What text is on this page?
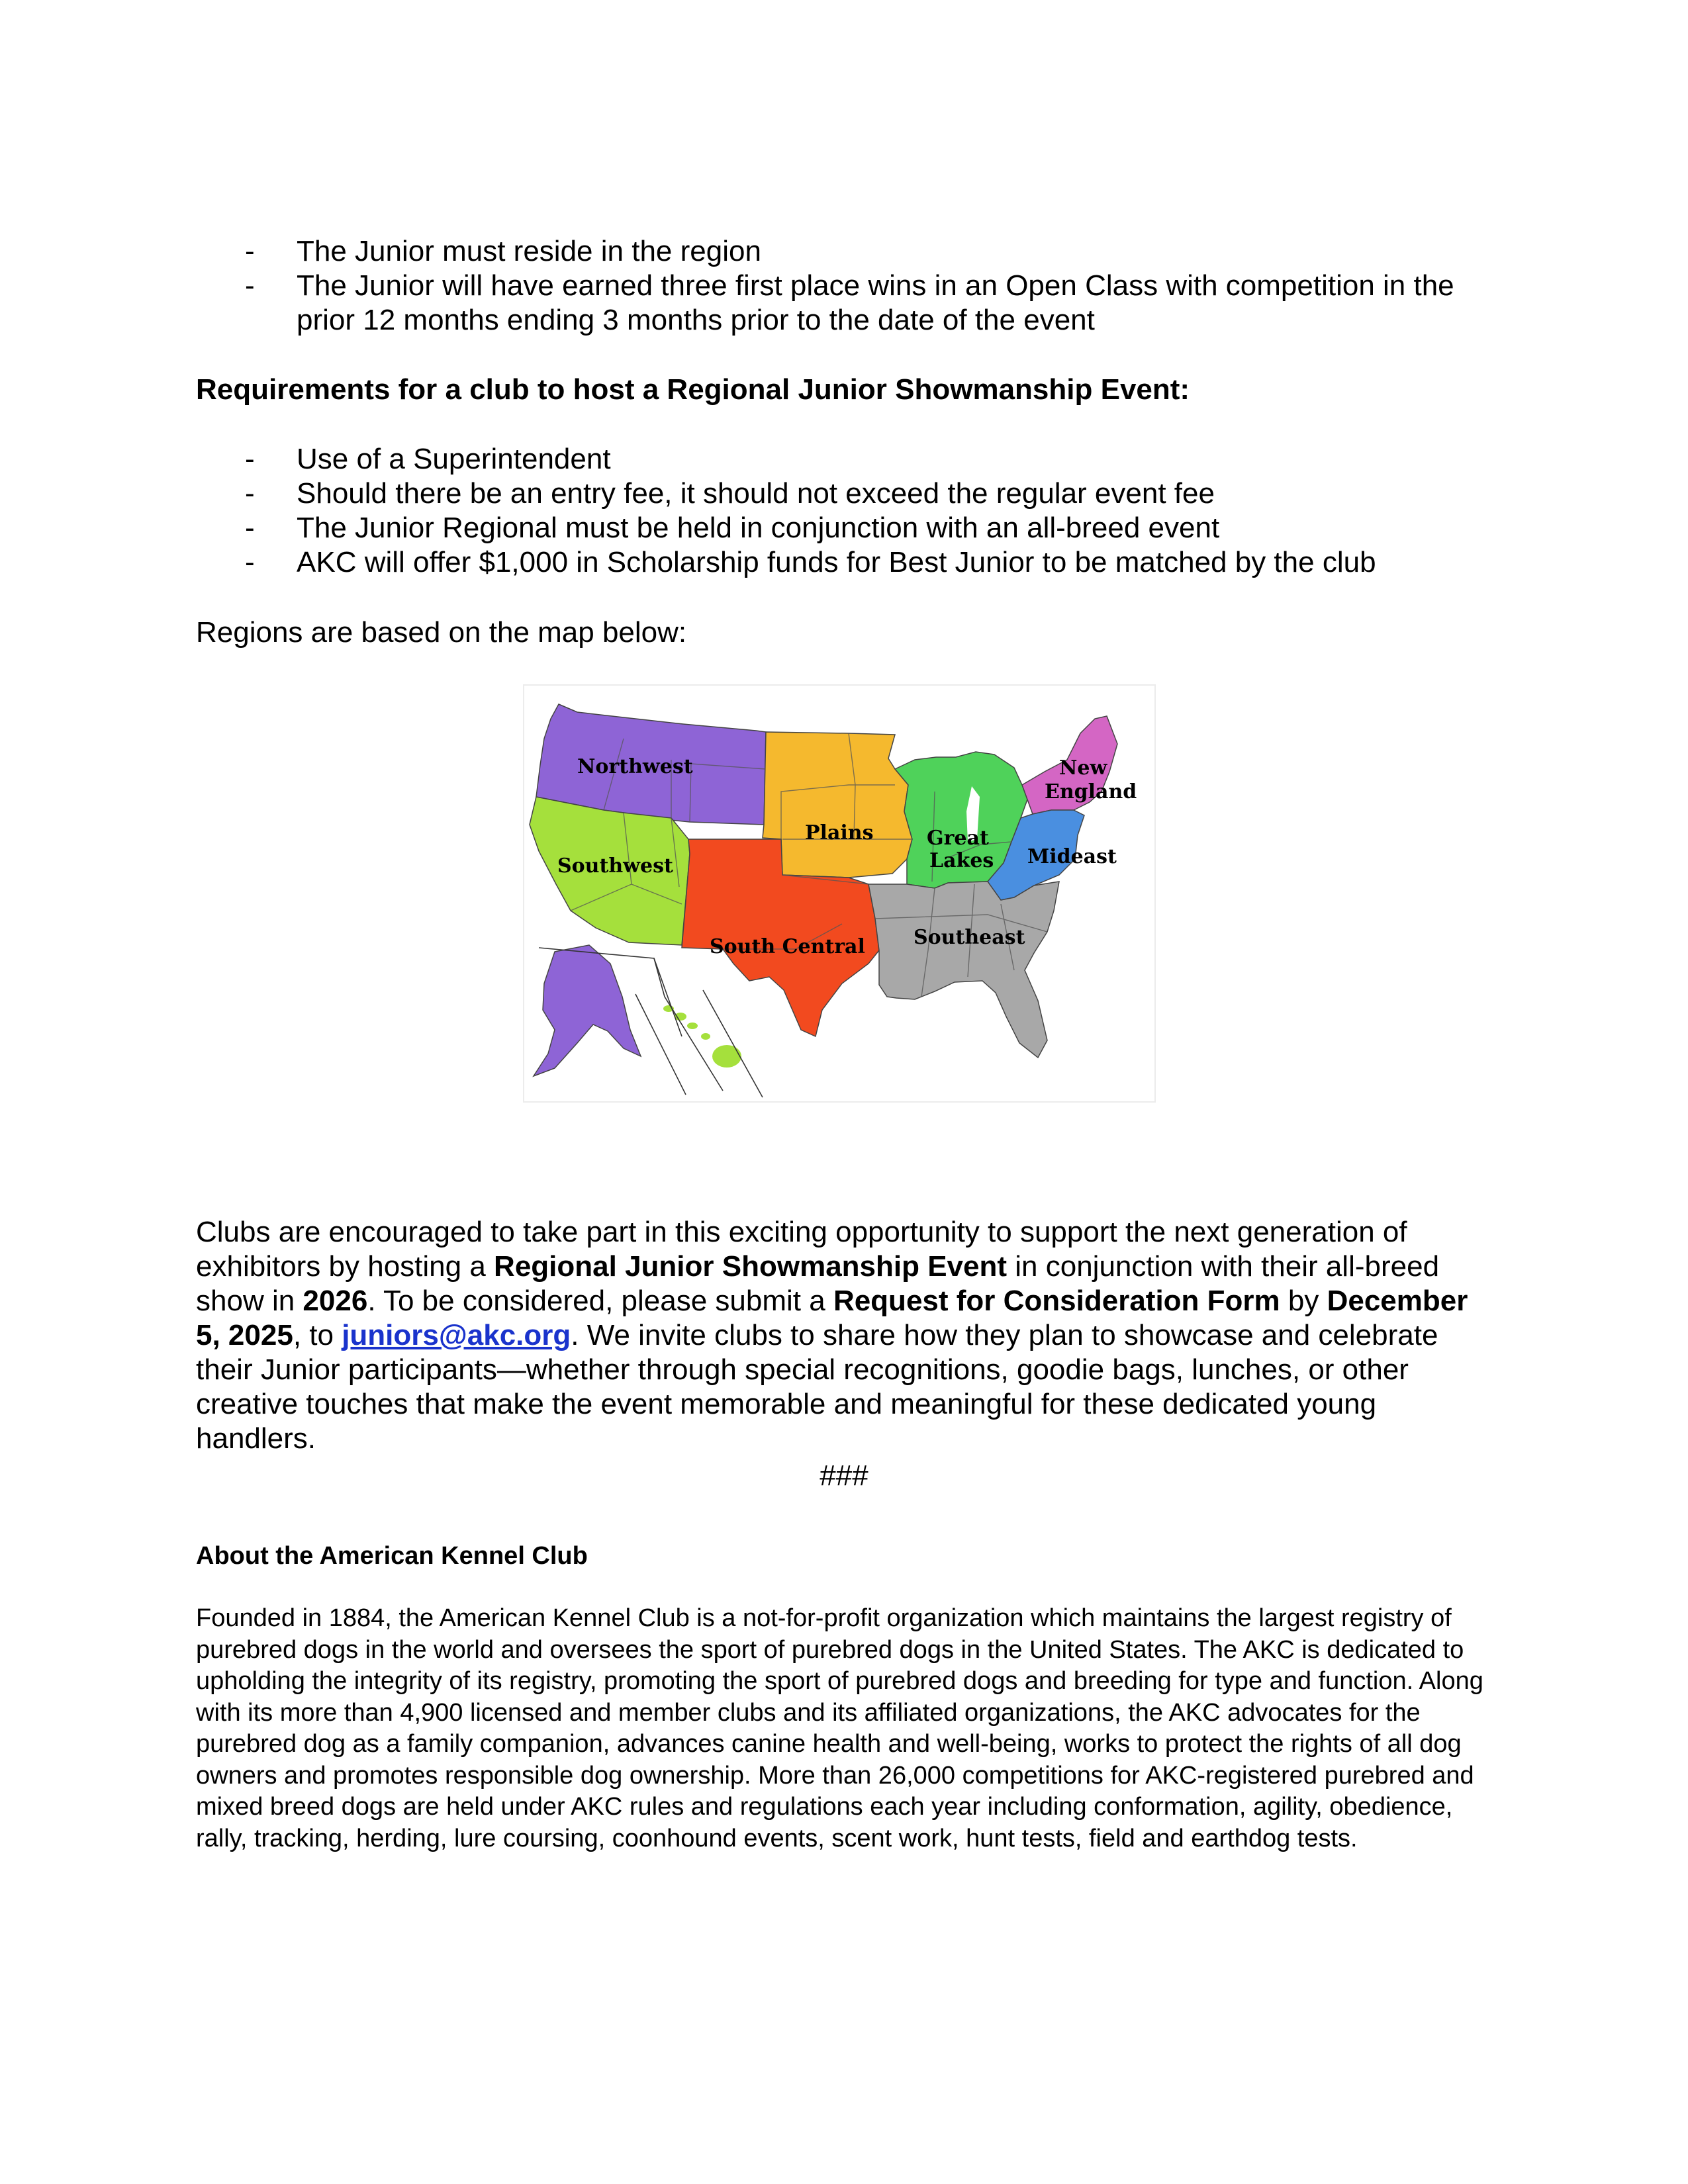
- The Junior must reside in the region
- The Junior will have earned three first place wins in an Open Class with competition in the prior 12 months ending 3 months prior to the date of the event
Requirements for a club to host a Regional Junior Showmanship Event:
- Use of a Superintendent
- Should there be an entry fee, it should not exceed the regular event fee
- The Junior Regional must be held in conjunction with an all-breed event
- AKC will offer $1,000 in Scholarship funds for Best Junior to be matched by the club
Regions are based on the map below:
Northwest
Southwest
Plains
South Central
Great
Lakes
New
England
Mideast
Southeast
Clubs are encouraged to take part in this exciting opportunity to support the next generation of exhibitors by hosting a Regional Junior Showmanship Event in conjunction with their all-breed show in 2026. To be considered, please submit a Request for Consideration Form by December 5, 2025, to juniors@akc.org. We invite clubs to share how they plan to showcase and celebrate their Junior participants—whether through special recognitions, goodie bags, lunches, or other creative touches that make the event memorable and meaningful for these dedicated young handlers.
###
About the American Kennel Club
Founded in 1884, the American Kennel Club is a not-for-profit organization which maintains the largest registry of purebred dogs in the world and oversees the sport of purebred dogs in the United States. The AKC is dedicated to upholding the integrity of its registry, promoting the sport of purebred dogs and breeding for type and function. Along with its more than 4,900 licensed and member clubs and its affiliated organizations, the AKC advocates for the purebred dog as a family companion, advances canine health and well-being, works to protect the rights of all dog owners and promotes responsible dog ownership. More than 26,000 competitions for AKC-registered purebred and mixed breed dogs are held under AKC rules and regulations each year including conformation, agility, obedience, rally, tracking, herding, lure coursing, coonhound events, scent work, hunt tests, field and earthdog tests.
